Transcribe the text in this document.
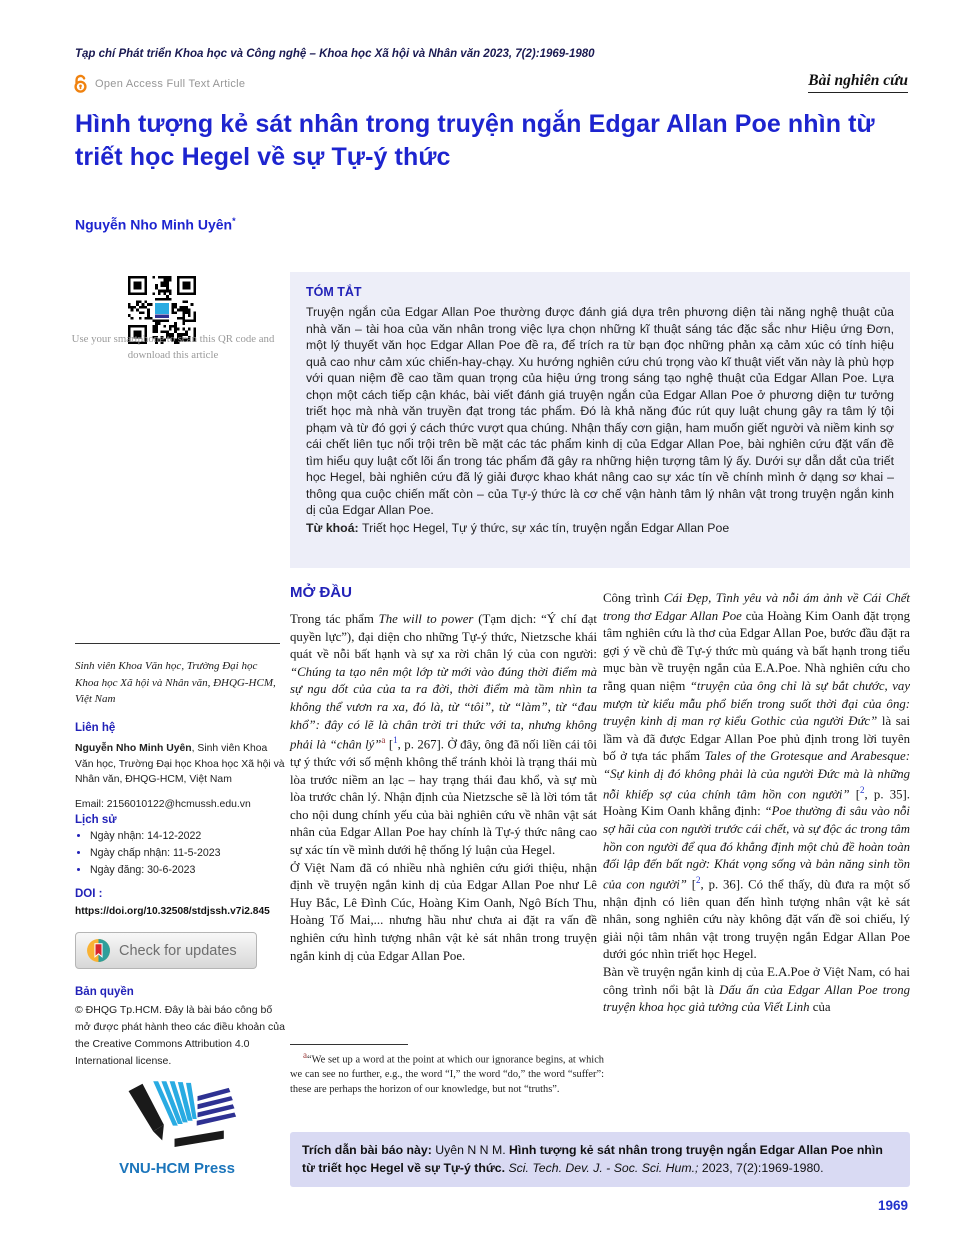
Tạp chí Phát triển Khoa học và Công nghệ – Khoa học Xã hội và Nhân văn 2023, 7(2):1969-1980
Open Access Full Text Article	Bài nghiên cứu
Hình tượng kẻ sát nhân trong truyện ngắn Edgar Allan Poe nhìn từ triết học Hegel về sự Tự-ý thức
Nguyễn Nho Minh Uyên*
Use your smartphone to scan this QR code and download this article
TÓM TẮT
Truyện ngắn của Edgar Allan Poe thường được đánh giá dựa trên phương diện tài năng nghệ thuật của nhà văn – tài hoa của văn nhân trong việc lựa chọn những kĩ thuật sáng tác đặc sắc như Hiệu ứng Đơn, một lý thuyết văn học Edgar Allan Poe đề ra, để trích ra từ bạn đọc những phản xạ cảm xúc có tính hiệu quả cao như cảm xúc chiến-hay-chạy. Xu hướng nghiên cứu chú trọng vào kĩ thuật viết văn này là phù hợp với quan niệm đề cao tầm quan trọng của hiệu ứng trong sáng tạo nghệ thuật của Edgar Allan Poe. Lựa chọn một cách tiếp cận khác, bài viết đánh giá truyện ngắn của Edgar Allan Poe ở phương diện tư tưởng triết học mà nhà văn truyền đạt trong tác phẩm. Đó là khả năng đúc rút quy luật chung gây ra tâm lý tội phạm và từ đó gợi ý cách thức vượt qua chúng. Nhận thấy cơn giận, ham muốn giết người và niềm kinh sợ cái chết liên tục nổi trội trên bề mặt các tác phẩm kinh dị của Edgar Allan Poe, bài nghiên cứu đặt vấn đề tìm hiểu quy luật cốt lõi ẩn trong tác phẩm đã gây ra những hiện tượng tâm lý ấy. Dưới sự dẫn dắt của triết học Hegel, bài nghiên cứu đã lý giải được khao khát nâng cao sự xác tín về chính mình ở dạng sơ khai – thông qua cuộc chiến mất còn – của Tự-ý thức là cơ chế vận hành tâm lý nhân vật trong truyện ngắn kinh dị của Edgar Allan Poe.
Từ khoá: Triết học Hegel, Tự ý thức, sự xác tín, truyện ngắn Edgar Allan Poe
Sinh viên Khoa Văn học, Trường Đại học Khoa học Xã hội và Nhân văn, ĐHQG-HCM, Việt Nam
Liên hệ
Nguyễn Nho Minh Uyên, Sinh viên Khoa Văn học, Trường Đại học Khoa học Xã hội và Nhân văn, ĐHQG-HCM, Việt Nam
Email: 2156010122@hcmussh.edu.vn
Lịch sử
• Ngày nhận: 14-12-2022
• Ngày chấp nhận: 11-5-2023
• Ngày đăng: 30-6-2023
DOI :
https://doi.org/10.32508/stdjssh.v7i2.845
Check for updates
Bản quyền
© ĐHQG Tp.HCM. Đây là bài báo công bố mở được phát hành theo các điều khoản của the Creative Commons Attribution 4.0 International license.
VNU-HCM Press
MỞ ĐẦU

Trong tác phẩm The will to power (Tạm dịch: “Ý chí đạt quyền lực”), đại diện cho những Tự-ý thức, Nietzsche khái quát về nỗi bất hạnh và sự xa rời chân lý của con người: “Chúng ta tạo nên một lớp từ mới vào đúng thời điểm mà sự ngu dốt của của ta ra đời, thời điểm mà tầm nhìn ta không thể vươn ra xa, đó là, từ “tôi”, từ “làm”, từ “đau khổ”: đây có lẽ là chân trời tri thức với ta, nhưng không phải là “chân lý”$^a$ [$^1$, p. 267]. Ở đây, ông đã nối liền cái tôi tự ý thức với số mệnh không thể tránh khỏi là trạng thái mù lòa trước niềm an lạc – hay trạng thái đau khổ, và sự mù lòa trước chân lý. Nhận định của Nietzsche sẽ là lời tóm tắt cho nội dung chính yếu của bài nghiên cứu về nhân vật sát nhân của Edgar Allan Poe hay chính là Tự-ý thức nâng cao sự xác tín về mình dưới hệ thống lý luận của Hegel.

Ở Việt Nam đã có nhiều nhà nghiên cứu giới thiệu, nhận định về truyện ngắn kinh dị của Edgar Allan Poe như Lê Huy Bắc, Lê Đình Cúc, Hoàng Kim Oanh, Ngô Bích Thu, Hoàng Tố Mai,... nhưng hầu như chưa ai đặt ra vấn đề nghiên cứu hình tượng nhân vật kẻ sát nhân trong truyện ngắn kinh dị của Edgar Allan Poe.

Công trình Cái Đẹp, Tình yêu và nỗi ám ảnh về Cái Chết trong thơ Edgar Allan Poe của Hoàng Kim Oanh đặt trọng tâm nghiên cứu là thơ của Edgar Allan Poe, bước đầu đặt ra gợi ý về chủ đề Tự-ý thức mù quáng và bất hạnh trong tiểu mục bàn về truyện ngắn của E.A.Poe. Nhà nghiên cứu cho rằng quan niệm “truyện của ông chỉ là sự bắt chước, vay mượn từ kiểu mẫu phổ biến trong suốt thời đại của ông: truyện kinh dị man rợ kiểu Gothic của người Đức” là sai lầm và đã được Edgar Allan Poe phủ định trong lời tuyên bố ở tựa tác phẩm Tales of the Grotesque and Arabesque: “Sự kinh dị đó không phải là của người Đức mà là những nỗi khiếp sợ của chính tâm hồn con người” [$^2$, p. 35]. Hoàng Kim Oanh khẳng định: “Poe thường đi sâu vào nỗi sợ hãi của con người trước cái chết, và sự độc ác trong tâm hồn con người để qua đó khẳng định một chủ đề hoàn toàn đối lập đến bất ngờ: Khát vọng sống và bản năng sinh tồn của con người” [$^2$, p. 36]. Có thể thấy, dù đưa ra một số nhận định có liên quan đến hình tượng nhân vật kẻ sát nhân, song nghiên cứu này không đặt vấn đề soi chiếu, lý giải nội tâm nhân vật trong truyện ngắn Edgar Allan Poe dưới góc nhìn triết học Hegel.

Bàn về truyện ngắn kinh dị của E.A.Poe ở Việt Nam, có hai công trình nổi bật là Dấu ấn của Edgar Allan Poe trong truyện khoa học giả tưởng của Viết Linh của

$^a$“We set up a word at the point at which our ignorance begins, at which we can see no further, e.g., the word “I,” the word “do,” the word “suffer”: these are perhaps the horizon of our knowledge, but not “truths”.
Trích dẫn bài báo này: Uyên N N M. Hình tượng kẻ sát nhân trong truyện ngắn Edgar Allan Poe nhìn từ triết học Hegel về sự Tự-ý thức. Sci. Tech. Dev. J. - Soc. Sci. Hum.; 2023, 7(2):1969-1980.
1969
